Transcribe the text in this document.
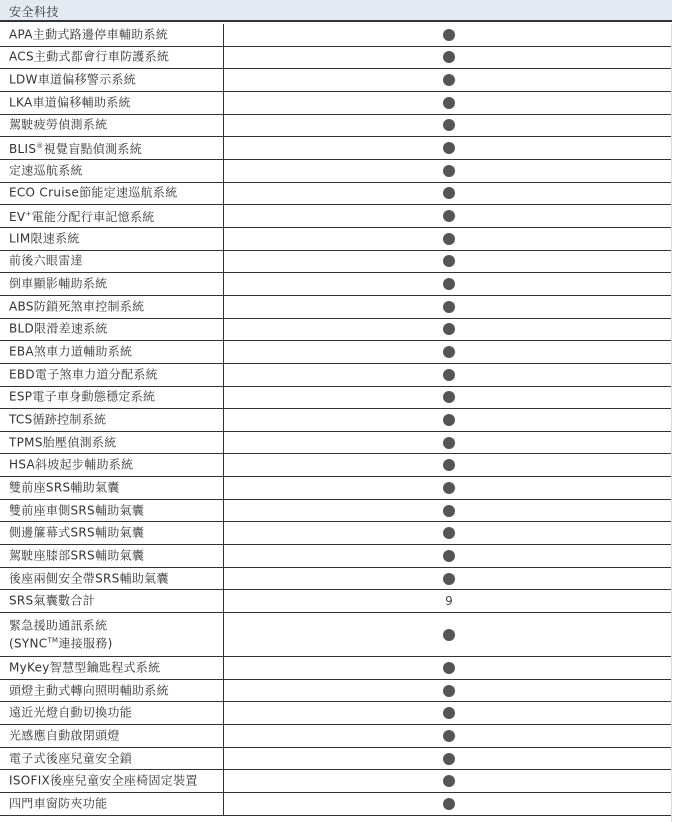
安全科技
APA主動式路邊停車輔助系統
ACS主動式都會行車防護系統
LDW車道偏移警示系統
LKA車道偏移輔助系統
駕駛疲勞偵測系統
BLIS®視覺盲點偵測系統
定速巡航系統
ECO Cruise節能定速巡航系統
EV+電能分配行車記憶系統
LIM限速系統
前後六眼雷達
倒車顯影輔助系統
ABS防鎖死煞車控制系統
BLD限滑差速系統
EBA煞車力道輔助系統
EBD電子煞車力道分配系統
ESP電子車身動態穩定系統
TCS循跡控制系統
TPMS胎壓偵測系統
HSA斜坡起步輔助系統
雙前座SRS輔助氣囊
雙前座車側SRS輔助氣囊
側邊簾幕式SRS輔助氣囊
駕駛座膝部SRS輔助氣囊
後座兩側安全帶SRS輔助氣囊
SRS氣囊數合計	9
緊急援助通訊系統
(SYNC™連接服務)
MyKey智慧型鑰匙程式系統
頭燈主動式轉向照明輔助系統
遠近光燈自動切換功能
光感應自動啟閉頭燈
電子式後座兒童安全鎖
ISOFIX後座兒童安全座椅固定裝置
四門車窗防夾功能
